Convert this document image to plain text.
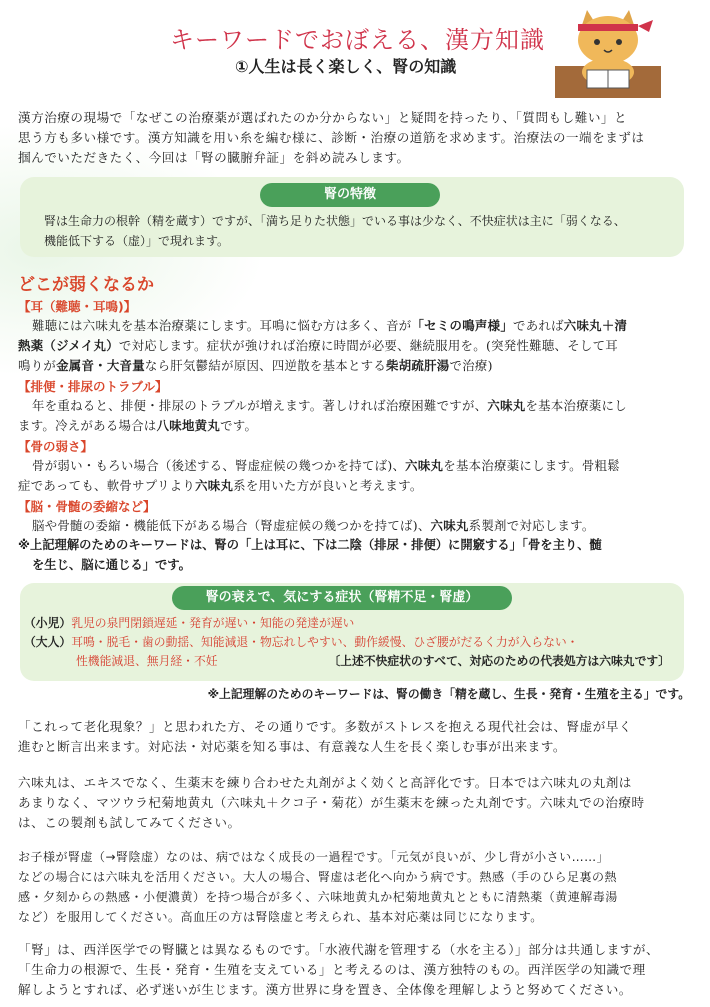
キーワードでおぼえる、漢方知識
①人生は長く楽しく、腎の知識
漢方治療の現場で「なぜこの治療薬が選ばれたのか分からない」と疑問を持ったり、「質問もし難い」と
思う方も多い様です。漢方知識を用い糸を編む様に、診断・治療の道筋を求めます。治療法の一端をまずは
掴んでいただきたく、今回は「腎の臓腑弁証」を斜め読みします。
腎の特徴
腎は生命力の根幹（精を蔵す）ですが、「満ち足りた状態」でいる事は少なく、不快症状は主に「弱くなる、
機能低下する（虚）」で現れます。
どこが弱くなるか
【耳（難聴・耳鳴)】
難聴には六味丸を基本治療薬にします。耳鳴に悩む方は多く、音が「セミの鳴声様」であれば六味丸＋清
熱薬（ジメイ丸）で対応します。症状が強ければ治療に時間が必要、継続服用を。(突発性難聴、そして耳
鳴りが金属音・大音量なら肝気鬱結が原因、四逆散を基本とする柴胡疏肝湯で治療)
【排便・排尿のトラブル】
年を重ねると、排便・排尿のトラブルが増えます。著しければ治療困難ですが、六味丸を基本治療薬にし
ます。冷えがある場合は八味地黄丸です。
【骨の弱さ】
骨が弱い・もろい場合（後述する、腎虚症候の幾つかを持てば)、六味丸を基本治療薬にします。骨粗鬆
症であっても、軟骨サプリより六味丸系を用いた方が良いと考えます。
【脳・骨髄の委縮など】
脳や骨髄の委縮・機能低下がある場合（腎虚症候の幾つかを持てば)、六味丸系製剤で対応します。
※上記理解のためのキーワードは、腎の「上は耳に、下は二陰（排尿・排便）に開竅する」「骨を主り、髄
を生じ、脳に通じる」です。
腎の衰えで、気にする症状（腎精不足・腎虚）
（小児）乳児の泉門閉鎖遅延・発育が遅い・知能の発達が遅い
（大人）耳鳴・脱毛・歯の動揺、知能減退・物忘れしやすい、動作緩慢、ひざ腰がだるく力が入らない・
性機能減退、無月経・不妊	〔上述不快症状のすべて、対応のための代表処方は六味丸です〕
※上記理解のためのキーワードは、腎の働き「精を蔵し、生長・発育・生殖を主る」です。
「これって老化現象？」と思われた方、その通りです。多数がストレスを抱える現代社会は、腎虚が早く
進むと断言出来ます。対応法・対応薬を知る事は、有意義な人生を長く楽しむ事が出来ます。
六味丸は、エキスでなく、生薬末を練り合わせた丸剤がよく効くと高評化です。日本では六味丸の丸剤は
あまりなく、マツウラ杞菊地黄丸（六味丸＋クコ子・菊花）が生薬末を練った丸剤です。六味丸での治療時
は、この製剤も試してみてください。
お子様が腎虚（→腎陰虚）なのは、病ではなく成長の一過程です。「元気が良いが、少し背が小さい……」
などの場合には六味丸を活用ください。大人の場合、腎虚は老化へ向かう病です。熱感（手のひら足裏の熱
感・夕刻からの熱感・小便濃黄）を持つ場合が多く、六味地黄丸か杞菊地黄丸とともに清熱薬（黄連解毒湯
など）を服用してください。高血圧の方は腎陰虚と考えられ、基本対応薬は同じになります。
「腎」は、西洋医学での腎臓とは異なるものです。「水液代謝を管理する（水を主る）」部分は共通しますが、
「生命力の根源で、生長・発育・生殖を支えている」と考えるのは、漢方独特のもの。西洋医学の知識で理
解しようとすれば、必ず迷いが生じます。漢方世界に身を置き、全体像を理解しようと努めてください。
